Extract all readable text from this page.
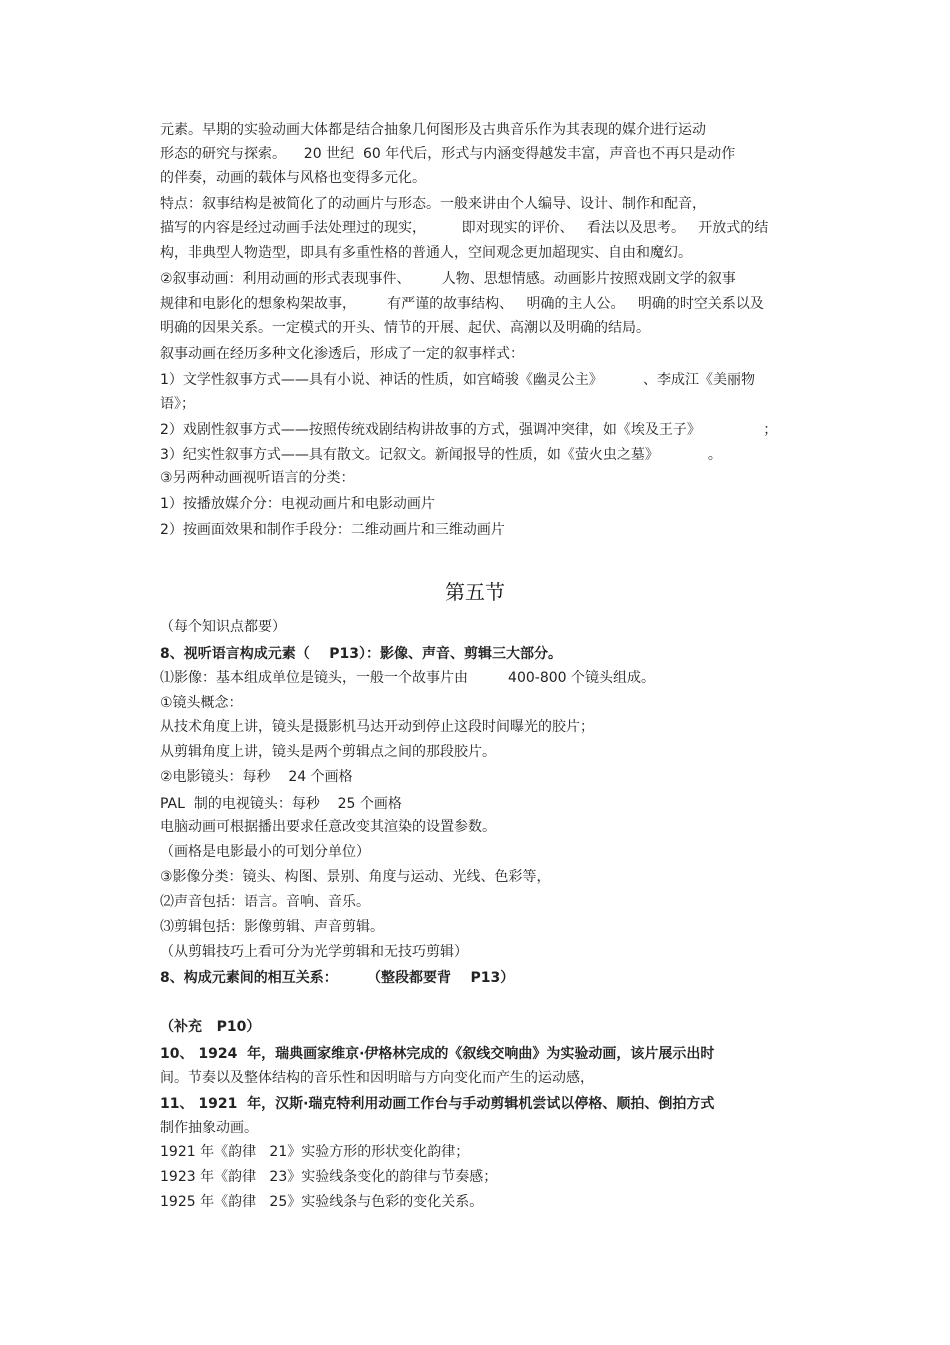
元素。早期的实验动画大体都是结合抽象几何图形及古典音乐作为其表现的媒介进行运动
形态的研究与探索。    20 世纪  60 年代后，形式与内涵变得越发丰富，声音也不再只是动作
的伴奏，动画的载体与风格也变得多元化。
特点：叙事结构是被简化了的动画片与形态。一般来讲由个人编导、设计、制作和配音，
描写的内容是经过动画手法处理过的现实，        即对现实的评价、   看法以及思考。   开放式的结
构，非典型人物造型，即具有多重性格的普通人，空间观念更加超现实、自由和魔幻。
②叙事动画：利用动画的形式表现事件、       人物、思想情感。动画影片按照戏剧文学的叙事
规律和电影化的想象构架故事，       有严谨的故事结构、   明确的主人公。   明确的时空关系以及
明确的因果关系。一定模式的开头、情节的开展、起伏、高潮以及明确的结局。
叙事动画在经历多种文化渗透后，形成了一定的叙事样式：
1）文学性叙事方式——具有小说、神话的性质，如宫崎骏《幽灵公主》         、李成江《美丽物
语》；
2）戏剧性叙事方式——按照传统戏剧结构讲故事的方式，强调冲突律，如《埃及王子》              ；
3）纪实性叙事方式——具有散文。记叙文。新闻报导的性质，如《萤火虫之墓》           。
③另两种动画视听语言的分类：
1）按播放媒介分：电视动画片和电影动画片
2）按画面效果和制作手段分：二维动画片和三维动画片
第五节
（每个知识点都要）
8、视听语言构成元素（    P13）：影像、声音、剪辑三大部分。
⑴影像：基本组成单位是镜头，一般一个故事片由         400-800 个镜头组成。
①镜头概念：
从技术角度上讲，镜头是摄影机马达开动到停止这段时间曝光的胶片；
从剪辑角度上讲，镜头是两个剪辑点之间的那段胶片。
②电影镜头：每秒    24 个画格
PAL  制的电视镜头：每秒    25 个画格
电脑动画可根据播出要求任意改变其渲染的设置参数。
（画格是电影最小的可划分单位）
③影像分类：镜头、构图、景别、角度与运动、光线、色彩等，
⑵声音包括：语言。音响、音乐。
⑶剪辑包括：影像剪辑、声音剪辑。
（从剪辑技巧上看可分为光学剪辑和无技巧剪辑）
8、构成元素间的相互关系：      （整段都要背    P13）
（补充   P10）
10、 1924  年，瑞典画家维京·伊格林完成的《叙线交响曲》为实验动画，该片展示出时
间。节奏以及整体结构的音乐性和因明暗与方向变化而产生的运动感，
11、 1921  年，汉斯·瑞克特利用动画工作台与手动剪辑机尝试以停格、顺拍、倒拍方式
制作抽象动画。
1921 年《韵律   21》实验方形的形状变化韵律；
1923 年《韵律   23》实验线条变化的韵律与节奏感；
1925 年《韵律   25》实验线条与色彩的变化关系。
